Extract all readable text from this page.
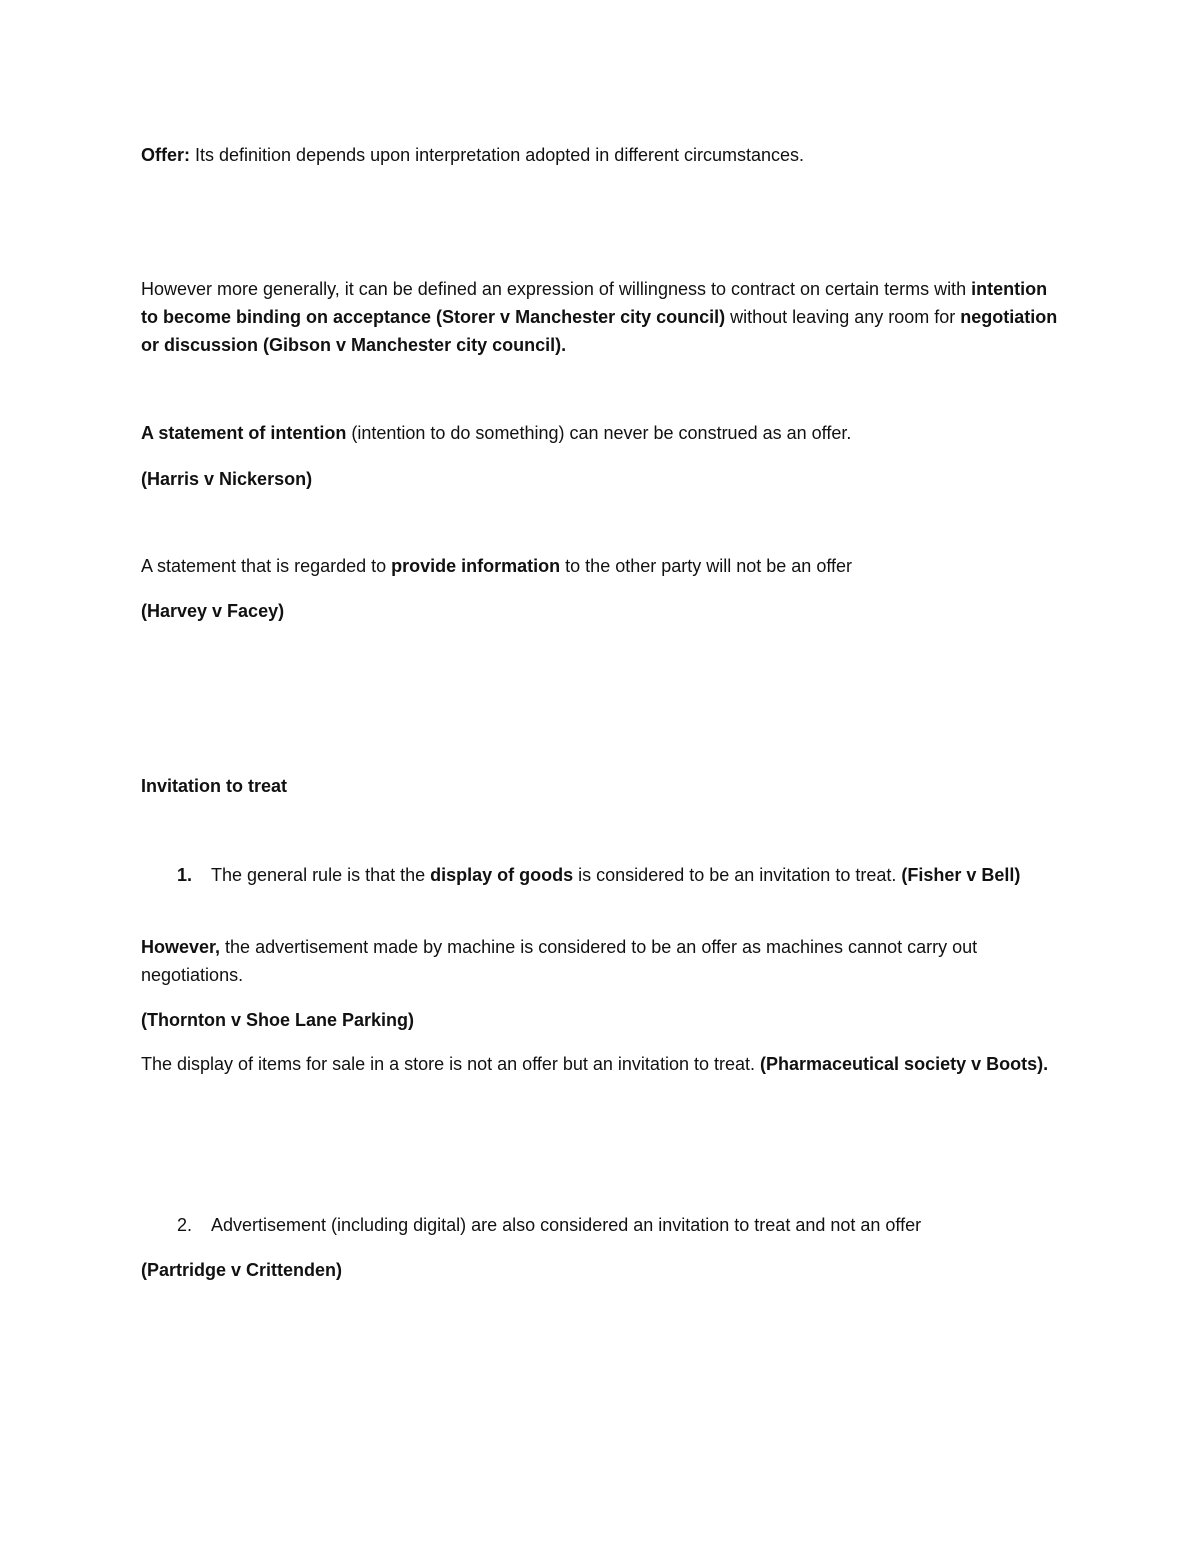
Offer: Its definition depends upon interpretation adopted in different circumstances.

However more generally, it can be defined an expression of willingness to contract on certain terms with intention to become binding on acceptance (Storer v Manchester city council) without leaving any room for negotiation or discussion (Gibson v Manchester city council).

A statement of intention (intention to do something) can never be construed as an offer.

(Harris v Nickerson)

A statement that is regarded to provide information to the other party will not be an offer

(Harvey v Facey)

Invitation to treat

1. The general rule is that the display of goods is considered to be an invitation to treat. (Fisher v Bell)

However, the advertisement made by machine is considered to be an offer as machines cannot carry out negotiations.

(Thornton v Shoe Lane Parking)

The display of items for sale in a store is not an offer but an invitation to treat. (Pharmaceutical society v Boots).

2. Advertisement (including digital) are also considered an invitation to treat and not an offer

(Partridge v Crittenden)
